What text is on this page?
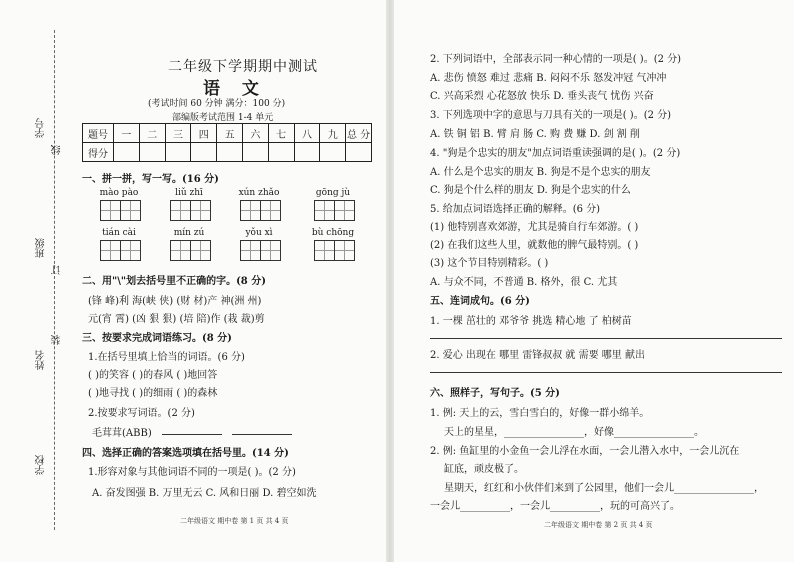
学号
线
班级
订
姓名
装
学校
二年级下学期期中测试
语 文
(考试时间 60 分钟 满分：100 分)
部编版考试范围 1-4 单元
题号	一	二	三	四	五	六	七	八	九	总 分
得分										
一、拼一拼，写一写。(16 分)
mào pào	liǔ zhī	xún zhǎo	gōng jù
tián cài	mín zú	yǒu xì	bù chōng
二、用"\"划去括号里不正确的字。(8 分)
(锋 峰)利 海(峡 侠) (财 材)产 神(洲 州)
元(宵 霄) (凶 狠 狠) (培 陪)作 (栽 裁)剪
三、按要求完成词语练习。(8 分)
1.在括号里填上恰当的词语。(6 分)
( )的笑容 ( )的春风 ( )地回答
( )地寻找 ( )的细雨 ( )的森林
2.按要求写词语。(2 分)
毛茸茸(ABB)
四、选择正确的答案选项填在括号里。(14 分)
1.形容对象与其他词语不同的一项是( )。(2 分)
A. 奋发图强 B. 万里无云 C. 风和日丽 D. 碧空如洗
二年级语文 期中卷 第 1 页 共 4 页
2. 下列词语中，全部表示同一种心情的一项是( )。(2 分)
A. 悲伤 愤怒 难过 悲痛 B. 闷闷不乐 怒发冲冠 气冲冲
C. 兴高采烈 心花怒放 快乐 D. 垂头丧气 忧伤 兴奋
3. 下列选项中字的意思与刀具有关的一项是( )。(2 分)
A. 铁 铜 铝 B. 臂 肩 肠 C. 购 费 赚 D. 剑 割 削
4. "狗是个忠实的朋友"加点词语重读强调的是( )。(2 分)
A. 什么是个忠实的朋友 B. 狗是不是个忠实的朋友
C. 狗是个什么样的朋友 D. 狗是个忠实的什么
5. 给加点词语选择正确的解释。(6 分)
(1) 他特别喜欢郊游，尤其是骑自行车郊游。( )
(2) 在我们这些人里，就数他的脾气最特别。( )
(3) 这个节目特别精彩。( )
A. 与众不同，不普通 B. 格外，很 C. 尤其
五、连词成句。(6 分)
1. 一棵 茁壮的 邓爷爷 挑选 精心地 了 柏树苗
2. 爱心 出现在 哪里 雷锋叔叔 就 需要 哪里 献出
六、照样子，写句子。(5 分)
1. 例: 天上的云，雪白雪白的，好像一群小绵羊。
天上的星星，________________，好像________________。
2. 例: 鱼缸里的小金鱼一会儿浮在水面，一会儿潜入水中，一会儿沉在
缸底，顽皮极了。
星期天，红红和小伙伴们来到了公园里，他们一会儿________________，
一会儿__________，一会儿__________，玩的可高兴了。
二年级语文 期中卷 第 2 页 共 4 页
